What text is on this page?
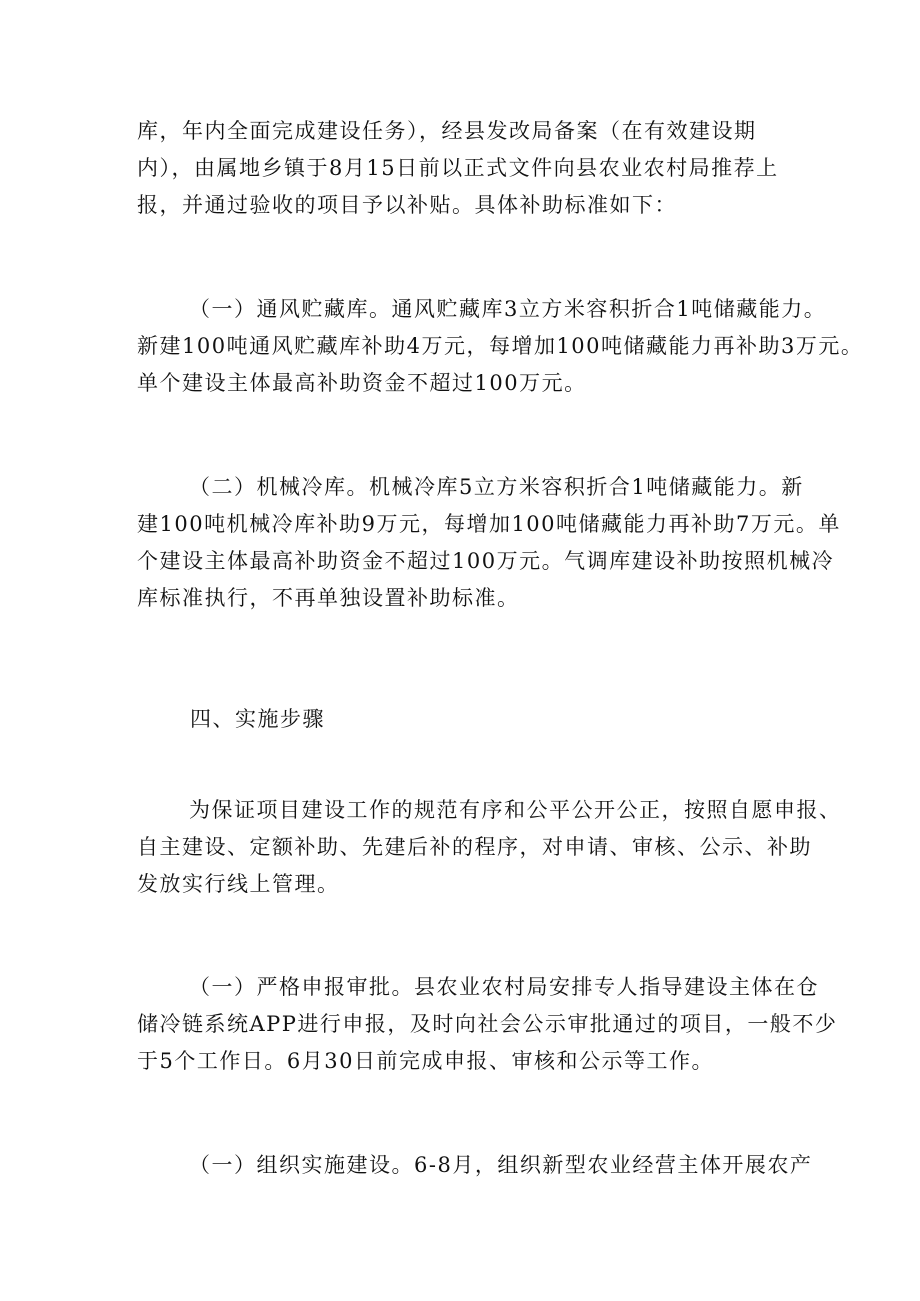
库，年内全面完成建设任务），经县发改局备案（在有效建设期
内），由属地乡镇于8月15日前以正式文件向县农业农村局推荐上
报，并通过验收的项目予以补贴。具体补助标准如下：

（一）通风贮藏库。通风贮藏库3立方米容积折合1吨储藏能力。
新建100吨通风贮藏库补助4万元，每增加100吨储藏能力再补助3万元。
单个建设主体最高补助资金不超过100万元。

（二）机械冷库。机械冷库5立方米容积折合1吨储藏能力。新
建100吨机械冷库补助9万元，每增加100吨储藏能力再补助7万元。单
个建设主体最高补助资金不超过100万元。气调库建设补助按照机械冷
库标准执行，不再单独设置补助标准。

四、实施步骤

为保证项目建设工作的规范有序和公平公开公正，按照自愿申报、
自主建设、定额补助、先建后补的程序，对申请、审核、公示、补助
发放实行线上管理。

（一）严格申报审批。县农业农村局安排专人指导建设主体在仓
储冷链系统APP进行申报，及时向社会公示审批通过的项目，一般不少
于5个工作日。6月30日前完成申报、审核和公示等工作。

（一）组织实施建设。6-8月，组织新型农业经营主体开展农产
